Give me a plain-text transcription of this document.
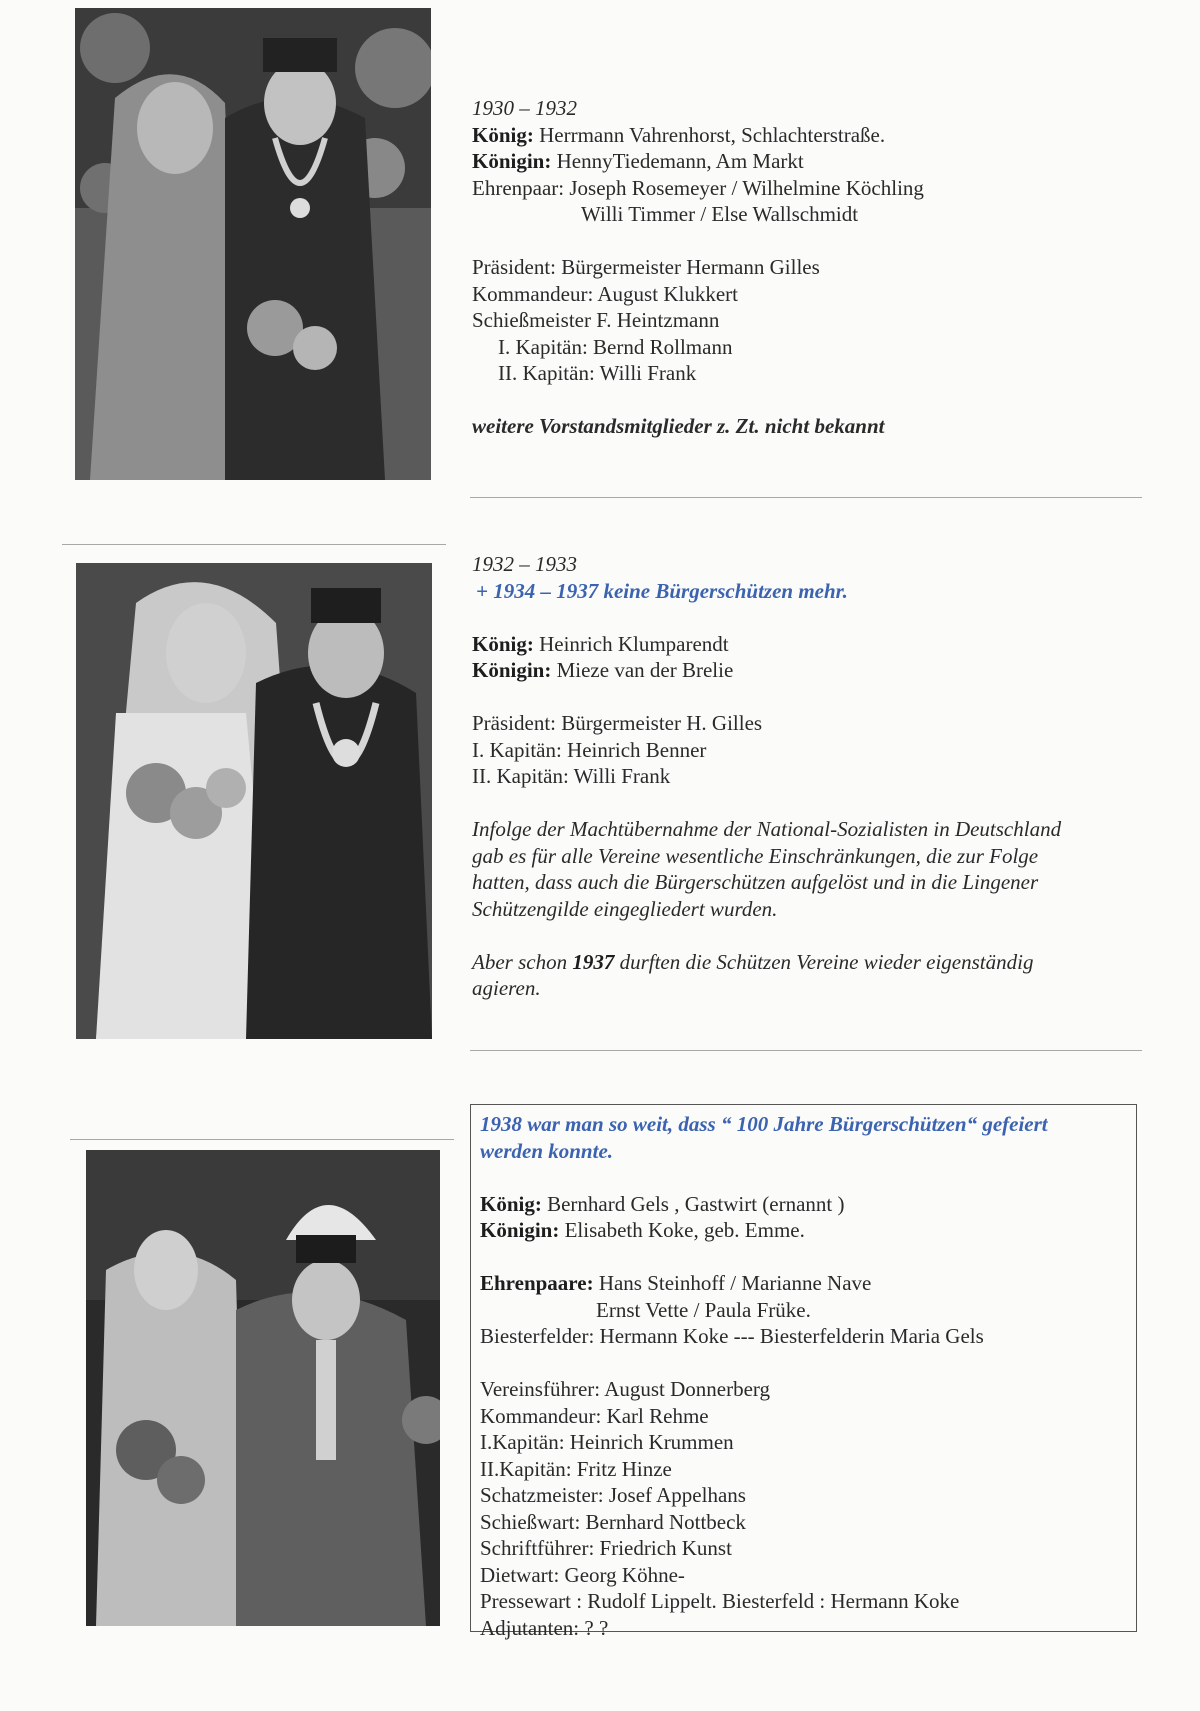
1930 – 1932
König: Herrmann Vahrenhorst, Schlachterstraße.
Königin: HennyTiedemann, Am Markt
Ehrenpaar: Joseph Rosemeyer / Wilhelmine Köchling
Willi Timmer / Else Wallschmidt
Präsident: Bürgermeister Hermann Gilles
Kommandeur: August Klukkert
Schießmeister F. Heintzmann
I. Kapitän: Bernd Rollmann
II. Kapitän: Willi Frank
weitere Vorstandsmitglieder z. Zt. nicht bekannt
1932 – 1933
+ 1934 – 1937 keine Bürgerschützen mehr.
König: Heinrich Klumparendt
Königin: Mieze van der Brelie
Präsident: Bürgermeister H. Gilles
I. Kapitän: Heinrich Benner
II. Kapitän: Willi Frank
Infolge der Machtübernahme der National-Sozialisten in Deutschland
gab es für alle Vereine wesentliche Einschränkungen, die zur Folge
hatten, dass auch die Bürgerschützen aufgelöst und in die Lingener
Schützengilde eingegliedert wurden.
Aber schon 1937 durften die Schützen Vereine wieder eigenständig
agieren.
1938 war man so weit, dass “ 100 Jahre Bürgerschützen“ gefeiert
werden konnte.
König: Bernhard Gels , Gastwirt (ernannt )
Königin: Elisabeth Koke, geb. Emme.
Ehrenpaare: Hans Steinhoff / Marianne Nave
Ernst Vette / Paula Früke.
Biesterfelder: Hermann Koke --- Biesterfelderin Maria Gels
Vereinsführer: August Donnerberg
Kommandeur: Karl Rehme
I.Kapitän: Heinrich Krummen
II.Kapitän: Fritz Hinze
Schatzmeister: Josef Appelhans
Schießwart: Bernhard Nottbeck
Schriftführer: Friedrich Kunst
Dietwart: Georg Köhne-
Pressewart : Rudolf Lippelt. Biesterfeld : Hermann Koke
Adjutanten: ? ?
